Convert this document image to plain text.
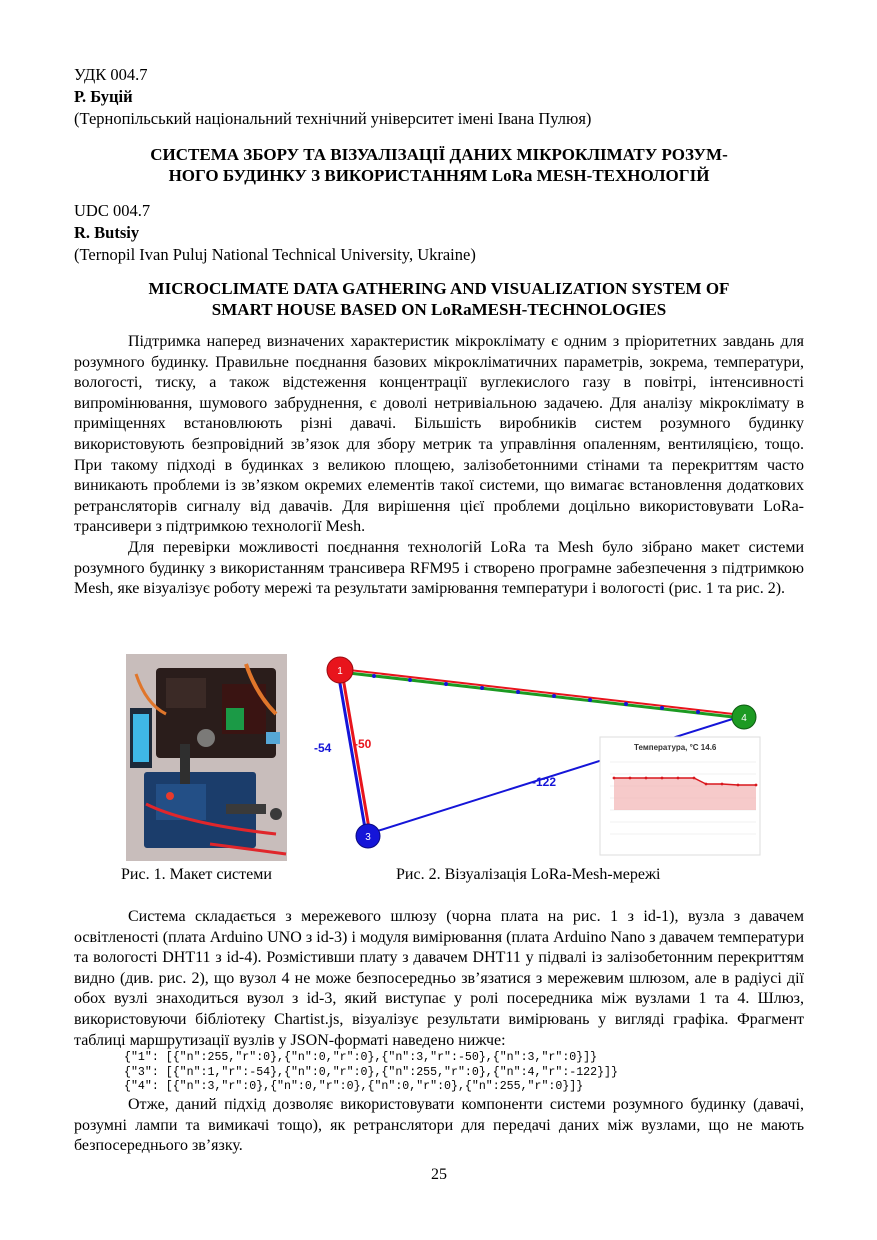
УДК 004.7
Р. Буцій
(Тернопільський національний технічний університет імені Івана Пулюя)

СИСТЕМА ЗБОРУ ТА ВІЗУАЛІЗАЦІЇ ДАНИХ МІКРОКЛІМАТУ РОЗУМ-

НОГО БУДИНКУ З ВИКОРИСТАННЯМ LoRa MESH-ТЕХНОЛОГІЙ

UDC 004.7
R. Butsiy
(Ternopil Ivan Puluj National Technical University, Ukraine)

MICROCLIMATE DATA GATHERING AND VISUALIZATION SYSTEM OF

SMART HOUSE BASED ON LoRaMESH-TECHNOLOGIES

Підтримка наперед визначених характеристик мікроклімату є одним з пріоритетних завдань для розумного будинку. Правильне поєднання базових мікрокліматичних параметрів, зокрема, температури, вологості, тиску, а також відстеження концентрації вуглекислого газу в повітрі, інтенсивності випромінювання, шумового забруднення, є доволі нетривіальною задачею. Для аналізу мікроклімату в приміщеннях встановлюють різні давачі. Більшість виробників систем розумного будинку використовують безпровідний зв’язок для збору метрик та управління опаленням, вентиляцією, тощо. При такому підході в будинках з великою площею, залізобетонними стінами та перекриттям часто виникають проблеми із зв’язком окремих елементів такої системи, що вимагає встановлення додаткових ретрансляторів сигналу від давачів. Для вирішення цієї проблеми доцільно використовувати LoRa-трансивери з підтримкою технології Mesh.

Для перевірки можливості поєднання технологій LoRa та Mesh було зібрано макет системи розумного будинку з використанням трансивера RFM95 і створено програмне забезпечення з підтримкою Mesh, яке візуалізує роботу мережі та результати замірювання температури і вологості (рис. 1 та рис. 2).

-54 -50
-122
1
4
3
Температура, °C 14.6
Рис. 1. Макет системи	Рис. 2. Візуалізація LoRa-Mesh-мережі

Система складається з мережевого шлюзу (чорна плата на рис. 1 з id-1), вузла з давачем освітленості (плата Arduino UNO з id-3) і модуля вимірювання (плата Arduino Nano з давачем температури та вологості DHT11 з id-4). Розмістивши плату з давачем DHT11 у підвалі із залізобетонним перекриттям видно (див. рис. 2), що вузол 4 не може безпосередньо зв’язатися з мережевим шлюзом, але в радіусі дії обох вузлі знаходиться вузол з id-3, який виступає у ролі посередника між вузлами 1 та 4. Шлюз, використовуючи бібліотеку Chartist.js, візуалізує результати вимірювань у вигляді графіка. Фрагмент таблиці маршрутизації вузлів у JSON-форматі наведено нижче:

{"1": [{"n":255,"r":0},{"n":0,"r":0},{"n":3,"r":-50},{"n":3,"r":0}]}
{"3": [{"n":1,"r":-54},{"n":0,"r":0},{"n":255,"r":0},{"n":4,"r":-122}]}
{"4": [{"n":3,"r":0},{"n":0,"r":0},{"n":0,"r":0},{"n":255,"r":0}]}

Отже, даний підхід дозволяє використовувати компоненти системи розумного будинку (давачі, розумні лампи та вимикачі тощо), як ретранслятори для передачі даних між вузлами, що не мають безпосереднього зв’язку.

25
